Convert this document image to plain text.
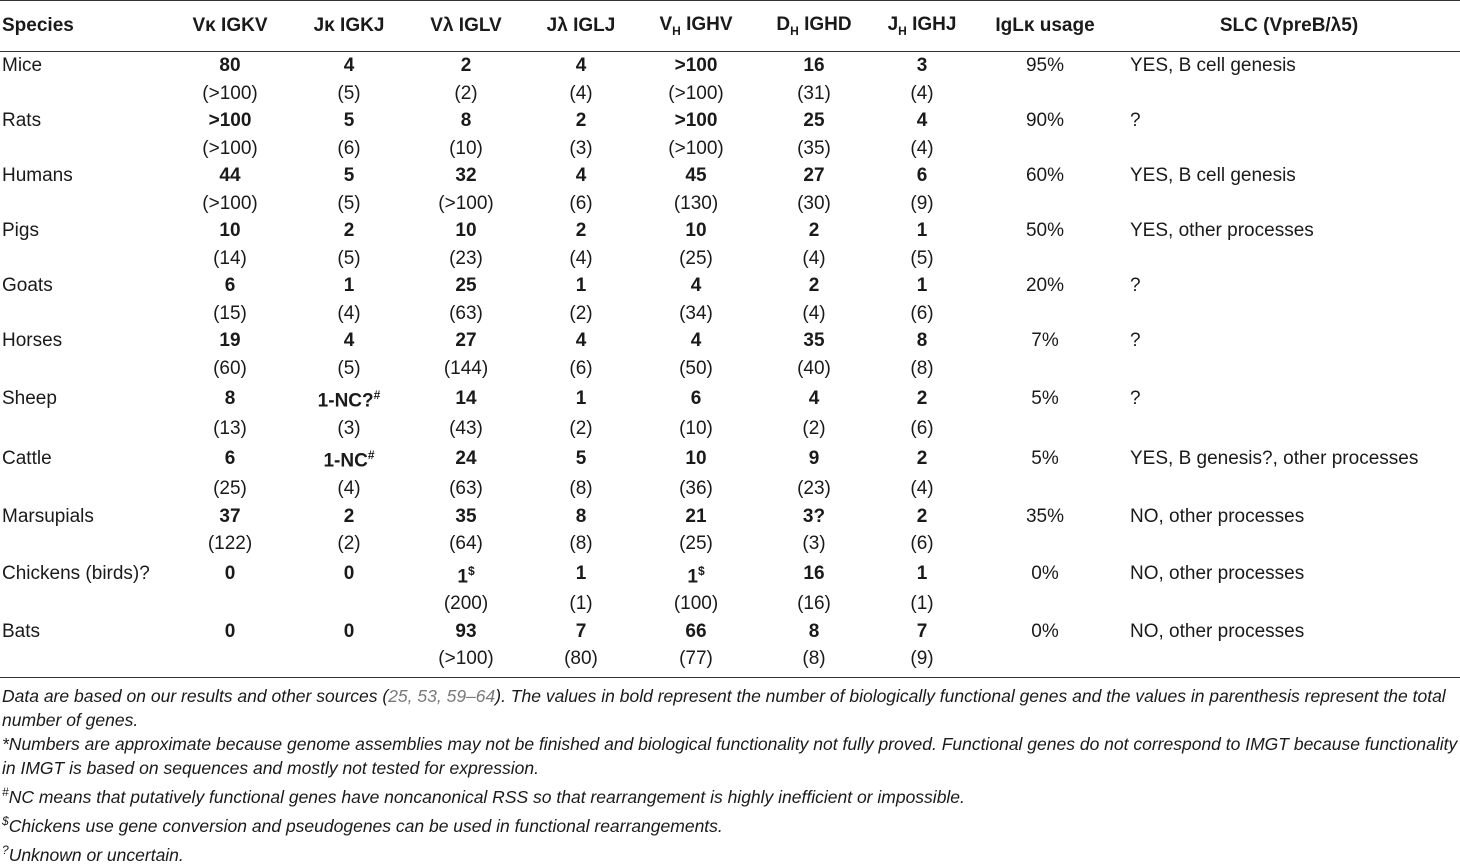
Species	Vκ IGKV	Jκ IGKJ	Vλ IGLV	Jλ IGLJ	$V_H$ IGHV	$D_H$ IGHD	$J_H$ IGHJ	IgLκ usage	SLC (VpreB/λ5)
Mice	80	4	2	4	>100	16	3	95%	YES, B cell genesis
	(>100)	(5)	(2)	(4)	(>100)	(31)	(4)		
Rats	>100	5	8	2	>100	25	4	90%	?
	(>100)	(6)	(10)	(3)	(>100)	(35)	(4)		
Humans	44	5	32	4	45	27	6	60%	YES, B cell genesis
	(>100)	(5)	(>100)	(6)	(130)	(30)	(9)		
Pigs	10	2	10	2	10	2	1	50%	YES, other processes
	(14)	(5)	(23)	(4)	(25)	(4)	(5)		
Goats	6	1	25	1	4	2	1	20%	?
	(15)	(4)	(63)	(2)	(34)	(4)	(6)		
Horses	19	4	27	4	4	35	8	7%	?
	(60)	(5)	(144)	(6)	(50)	(40)	(8)		
Sheep	8	1-NC?#	14	1	6	4	2	5%	?
	(13)	(3)	(43)	(2)	(10)	(2)	(6)		
Cattle	6	1-NC#	24	5	10	9	2	5%	YES, B genesis?, other processes
	(25)	(4)	(63)	(8)	(36)	(23)	(4)		
Marsupials	37	2	35	8	21	3?	2	35%	NO, other processes
	(122)	(2)	(64)	(8)	(25)	(3)	(6)		
Chickens (birds)?	0	0	1$	1	1$	16	1	0%	NO, other processes
			(200)	(1)	(100)	(16)	(1)		
Bats	0	0	93	7	66	8	7	0%	NO, other processes
			(>100)	(80)	(77)	(8)	(9)		

Data are based on our results and other sources (25, 53, 59–64). The values in bold represent the number of biologically functional genes and the values in parenthesis represent the total number of genes.

*Numbers are approximate because genome assemblies may not be finished and biological functionality not fully proved. Functional genes do not correspond to IMGT because functionality in IMGT is based on sequences and mostly not tested for expression.

#NC means that putatively functional genes have noncanonical RSS so that rearrangement is highly inefficient or impossible.

$Chickens use gene conversion and pseudogenes can be used in functional rearrangements.

?Unknown or uncertain.
